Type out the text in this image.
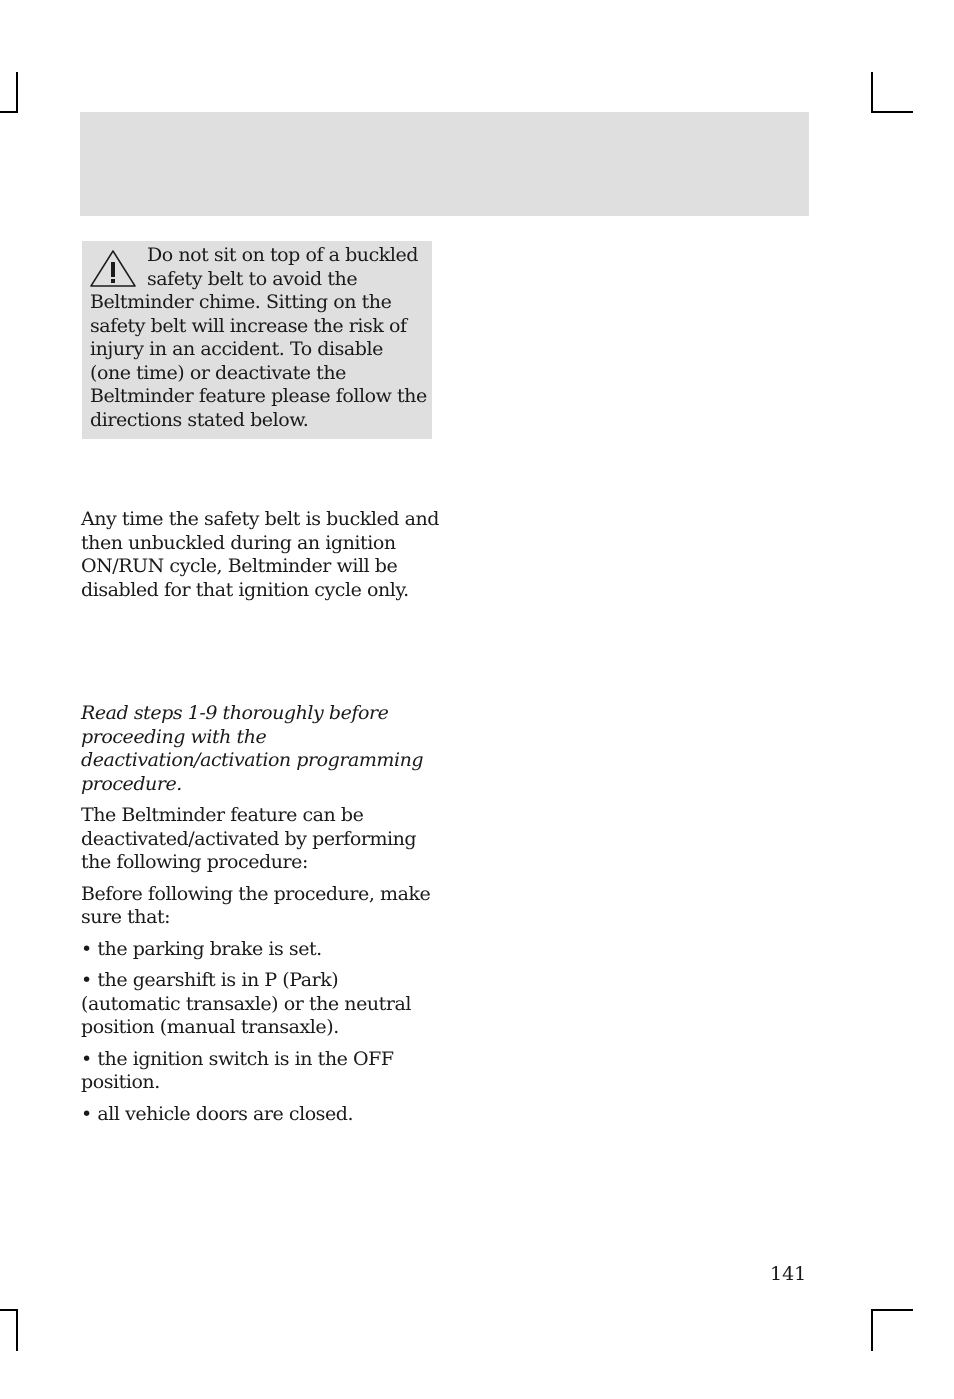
Do not sit on top of a buckled safety belt to avoid the Beltminder chime. Sitting on the safety belt will increase the risk of injury in an accident. To disable (one time) or deactivate the Beltminder feature please follow the directions stated below.

Any time the safety belt is buckled and then unbuckled during an ignition ON/RUN cycle, Beltminder will be disabled for that ignition cycle only.

Read steps 1-9 thoroughly before proceeding with the deactivation/activation programming procedure.

The Beltminder feature can be deactivated/activated by performing the following procedure:

Before following the procedure, make sure that:

• the parking brake is set.

• the gearshift is in P (Park) (automatic transaxle) or the neutral position (manual transaxle).

• the ignition switch is in the OFF position.

• all vehicle doors are closed.

141
